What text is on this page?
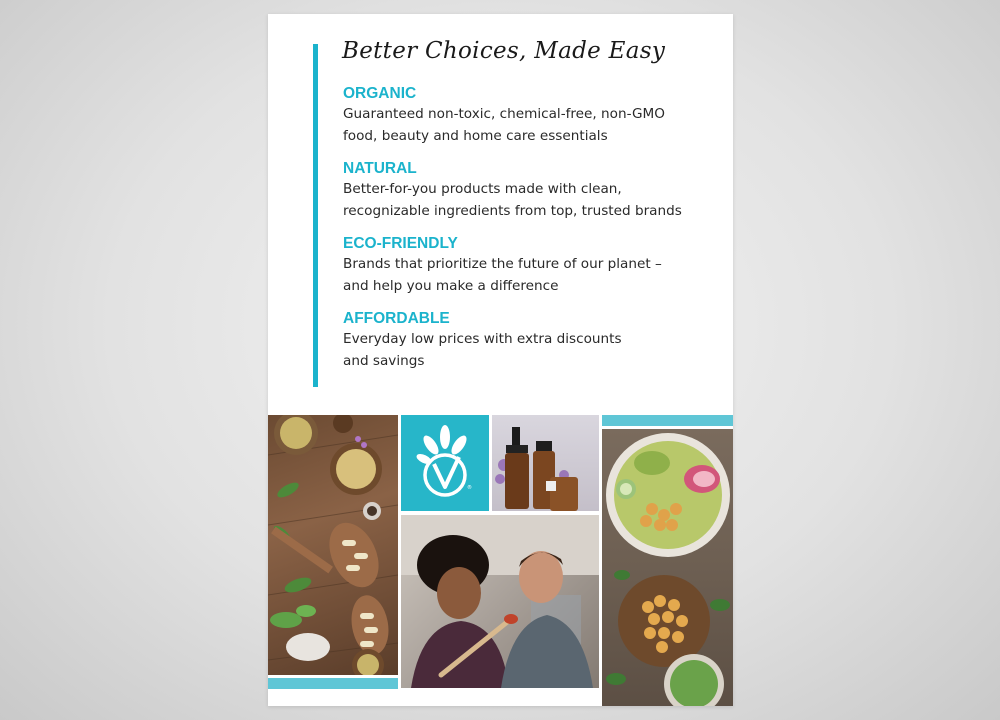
Better Choices, Made Easy

ORGANIC

Guaranteed non-toxic, chemical-free, non-GMO
food, beauty and home care essentials

NATURAL

Better-for-you products made with clean,
recognizable ingredients from top, trusted brands

ECO-FRIENDLY

Brands that prioritize the future of our planet –
and help you make a difference

AFFORDABLE

Everyday low prices with extra discounts
and savings

®
